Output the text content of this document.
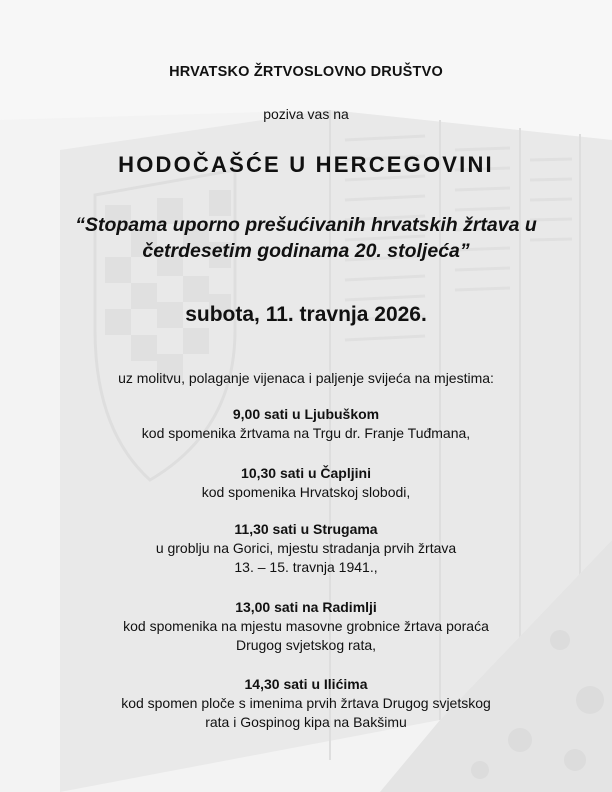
HRVATSKO ŽRTVOSLOVNO DRUŠTVO
poziva vas na
HODOČAŠĆE U HERCEGOVINI
“Stopama uporno prešućivanih hrvatskih žrtava u četrdesetim godinama 20. stoljeća”
subota, 11. travnja 2026.
uz molitvu, polaganje vijenaca i paljenje svijeća na mjestima:
9,00 sati u Ljubuškom
kod spomenika žrtvama na Trgu dr. Franje Tuđmana,
10,30 sati u Čapljini
kod spomenika Hrvatskoj slobodi,
11,30 sati u Strugama
u groblju na Gorici, mjestu stradanja prvih žrtava
13. – 15. travnja 1941.,
13,00 sati na Radimlji
kod spomenika na mjestu masovne grobnice žrtava poraća
Drugog svjetskog rata,
14,30 sati u Ilićima
kod spomen ploče s imenima prvih žrtava Drugog svjetskog
rata i Gospinog kipa na Bakšimu
